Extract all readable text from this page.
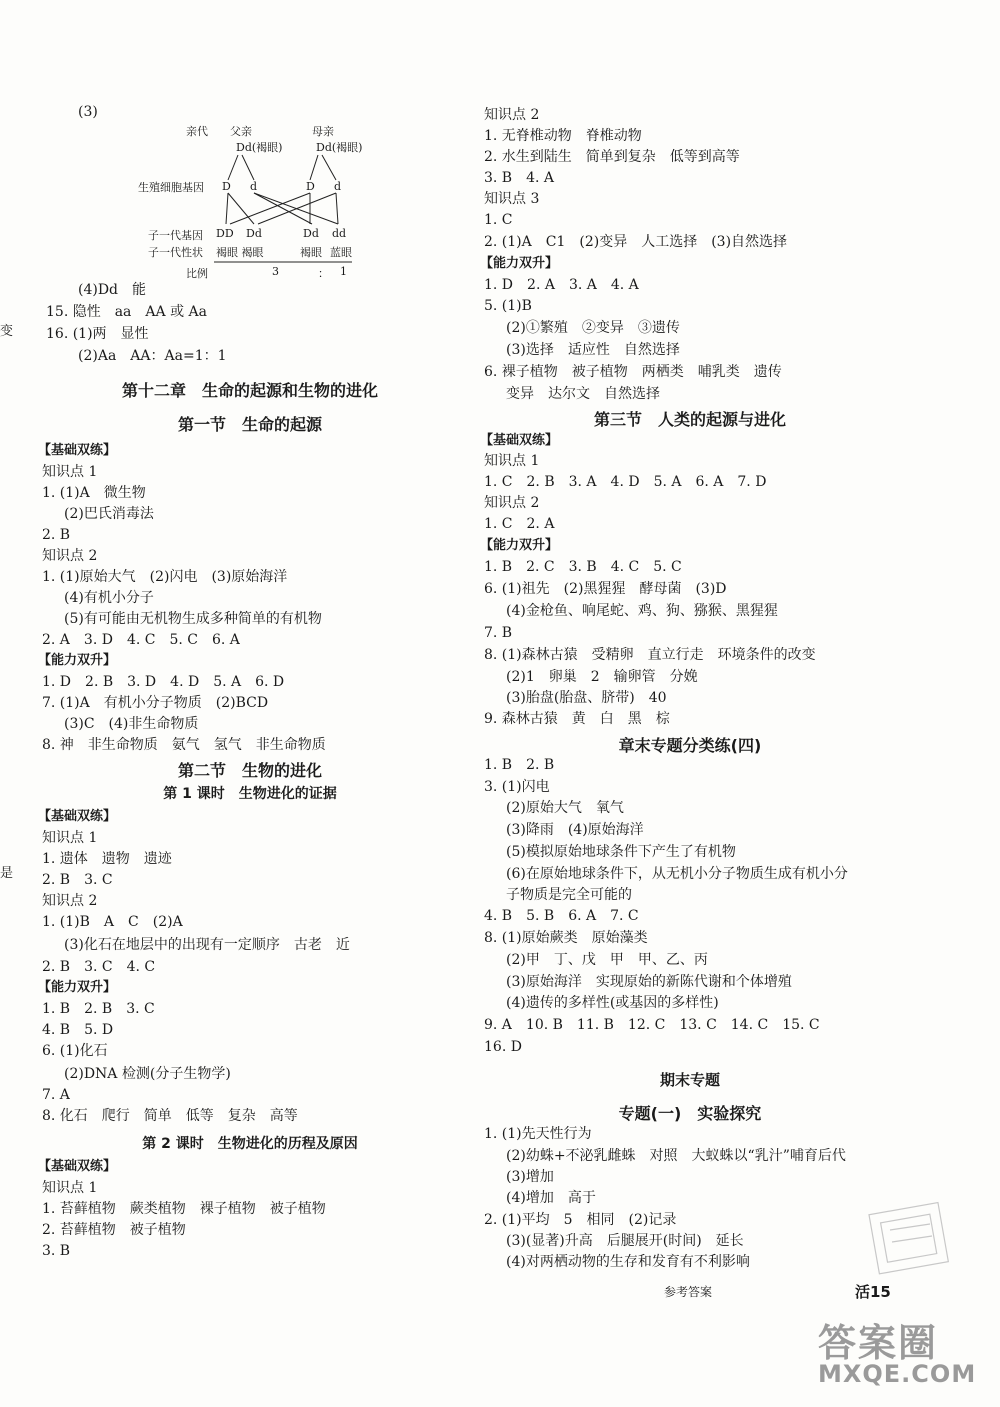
(3)
(4)Dd　能
15. 隐性　aa　AA 或 Aa
16. (1)两　显性
(2)Aa　AA：Aa=1：1
第十二章　生命的起源和生物的进化
第一节　生命的起源
【基础双练】
知识点 1
1. (1)A　微生物
(2)巴氏消毒法
2. B
知识点 2
1. (1)原始大气　(2)闪电　(3)原始海洋
(4)有机小分子
(5)有可能由无机物生成多种简单的有机物
2. A　3. D　4. C　5. C　6. A
【能力双升】
1. D　2. B　3. D　4. D　5. A　6. D
7. (1)A　有机小分子物质　(2)BCD
(3)C　(4)非生命物质
8. 神　非生命物质　氨气　氢气　非生命物质
第二节　生物的进化
第 1 课时　生物进化的证据
【基础双练】
知识点 1
1. 遗体　遗物　遗迹
2. B　3. C
知识点 2
1. (1)B　A　C　(2)A
(3)化石在地层中的出现有一定顺序　古老　近
2. B　3. C　4. C
【能力双升】
1. B　2. B　3. C
4. B　5. D
6. (1)化石
(2)DNA 检测(分子生物学)
7. A
8. 化石　爬行　简单　低等　复杂　高等
第 2 课时　生物进化的历程及原因
【基础双练】
知识点 1
1. 苔藓植物　蕨类植物　裸子植物　被子植物
2. 苔藓植物　被子植物
3. B
亲代 父亲	母亲
Dd(褐眼)	Dd(褐眼)
生殖细胞基因 D d	D d
子一代基因 DD Dd	Dd dd
子一代性状 褐眼 褐眼	褐眼 蓝眼
比例	3	： 1
知识点 2
1. 无脊椎动物　脊椎动物
2. 水生到陆生　简单到复杂　低等到高等
3. B　4. A
知识点 3
1. C
2. (1)A　C1　(2)变异　人工选择　(3)自然选择
【能力双升】
1. D　2. A　3. A　4. A
5. (1)B
(2)①繁殖　②变异　③遗传
(3)选择　适应性　自然选择
6. 裸子植物　被子植物　两栖类　哺乳类　遗传
变异　达尔文　自然选择
第三节　人类的起源与进化
【基础双练】
知识点 1
1. C　2. B　3. A　4. D　5. A　6. A　7. D
知识点 2
1. C　2. A
【能力双升】
1. B　2. C　3. B　4. C　5. C
6. (1)祖先　(2)黑猩猩　酵母菌　(3)D
(4)金枪鱼、响尾蛇、鸡、狗、猕猴、黑猩猩
7. B
8. (1)森林古猿　受精卵　直立行走　环境条件的改变
(2)1　卵巢　2　输卵管　分娩
(3)胎盘(胎盘、脐带)　40
9. 森林古猿　黄　白　黑　棕
章末专题分类练(四)
1. B　2. B
3. (1)闪电
(2)原始大气　氧气
(3)降雨　(4)原始海洋
(5)模拟原始地球条件下产生了有机物
(6)在原始地球条件下，从无机小分子物质生成有机小分
子物质是完全可能的
4. B　5. B　6. A　7. C
8. (1)原始蕨类　原始藻类
(2)甲　丁、戊　甲　甲、乙、丙
(3)原始海洋　实现原始的新陈代谢和个体增殖
(4)遗传的多样性(或基因的多样性)
9. A　10. B　11. B　12. C　13. C　14. C　15. C
16. D
期末专题
专题(一)　实验探究
1. (1)先天性行为
(2)幼蛛+不泌乳雌蛛　对照　大蚁蛛以“乳汁”哺育后代
(3)增加
(4)增加　高于
2. (1)平均　5　相同　(2)记录
(3)(显著)升高　后腿展开(时间)　延长
(4)对两栖动物的生存和发育有不利影响
变
是
参考答案	活15
答案圈
MXQE.COM
